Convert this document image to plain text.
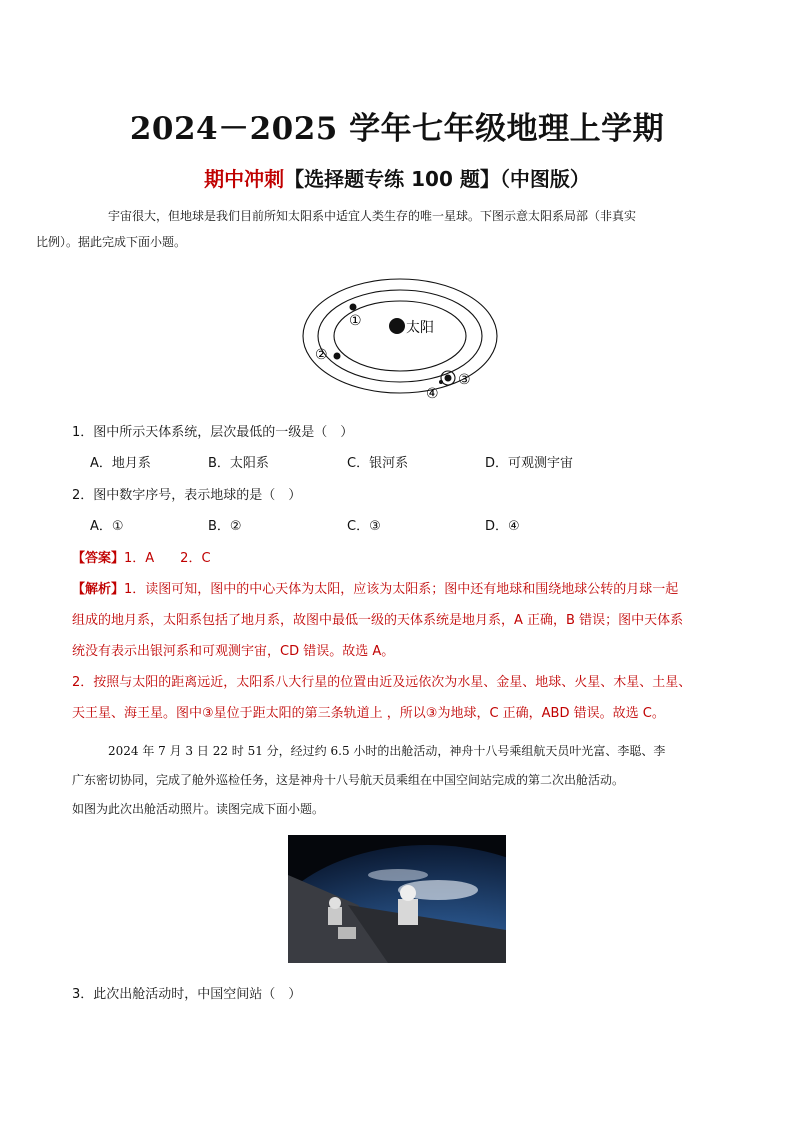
2024－2025 学年七年级地理上学期
期中冲刺【选择题专练 100 题】（中图版）
宇宙很大，但地球是我们目前所知太阳系中适宜人类生存的唯一星球。下图示意太阳系局部（非真实
比例）。据此完成下面小题。
太阳
①
②
③
④
1．图中所示天体系统，层次最低的一级是（　）
A．地月系	B．太阳系	C．银河系	D．可观测宇宙
2．图中数字序号，表示地球的是（　）
A．①	B．②	C．③	D．④
【答案】1．A　　2．C
【解析】1．读图可知，图中的中心天体为太阳，应该为太阳系；图中还有地球和围绕地球公转的月球一起
组成的地月系，太阳系包括了地月系，故图中最低一级的天体系统是地月系，A 正确，B 错误；图中天体系
统没有表示出银河系和可观测宇宙，CD 错误。故选 A。
2．按照与太阳的距离远近，太阳系八大行星的位置由近及远依次为水星、金星、地球、火星、木星、土星、
天王星、海王星。图中③星位于距太阳的第三条轨道上 ，所以③为地球，C 正确，ABD 错误。故选 C。
2024 年 7 月 3 日 22 时 51 分，经过约 6.5 小时的出舱活动，神舟十八号乘组航天员叶光富、李聪、李
广东密切协同，完成了舱外巡检任务，这是神舟十八号航天员乘组在中国空间站完成的第二次出舱活动。
如图为此次出舱活动照片。读图完成下面小题。
3．此次出舱活动时，中国空间站（　）
